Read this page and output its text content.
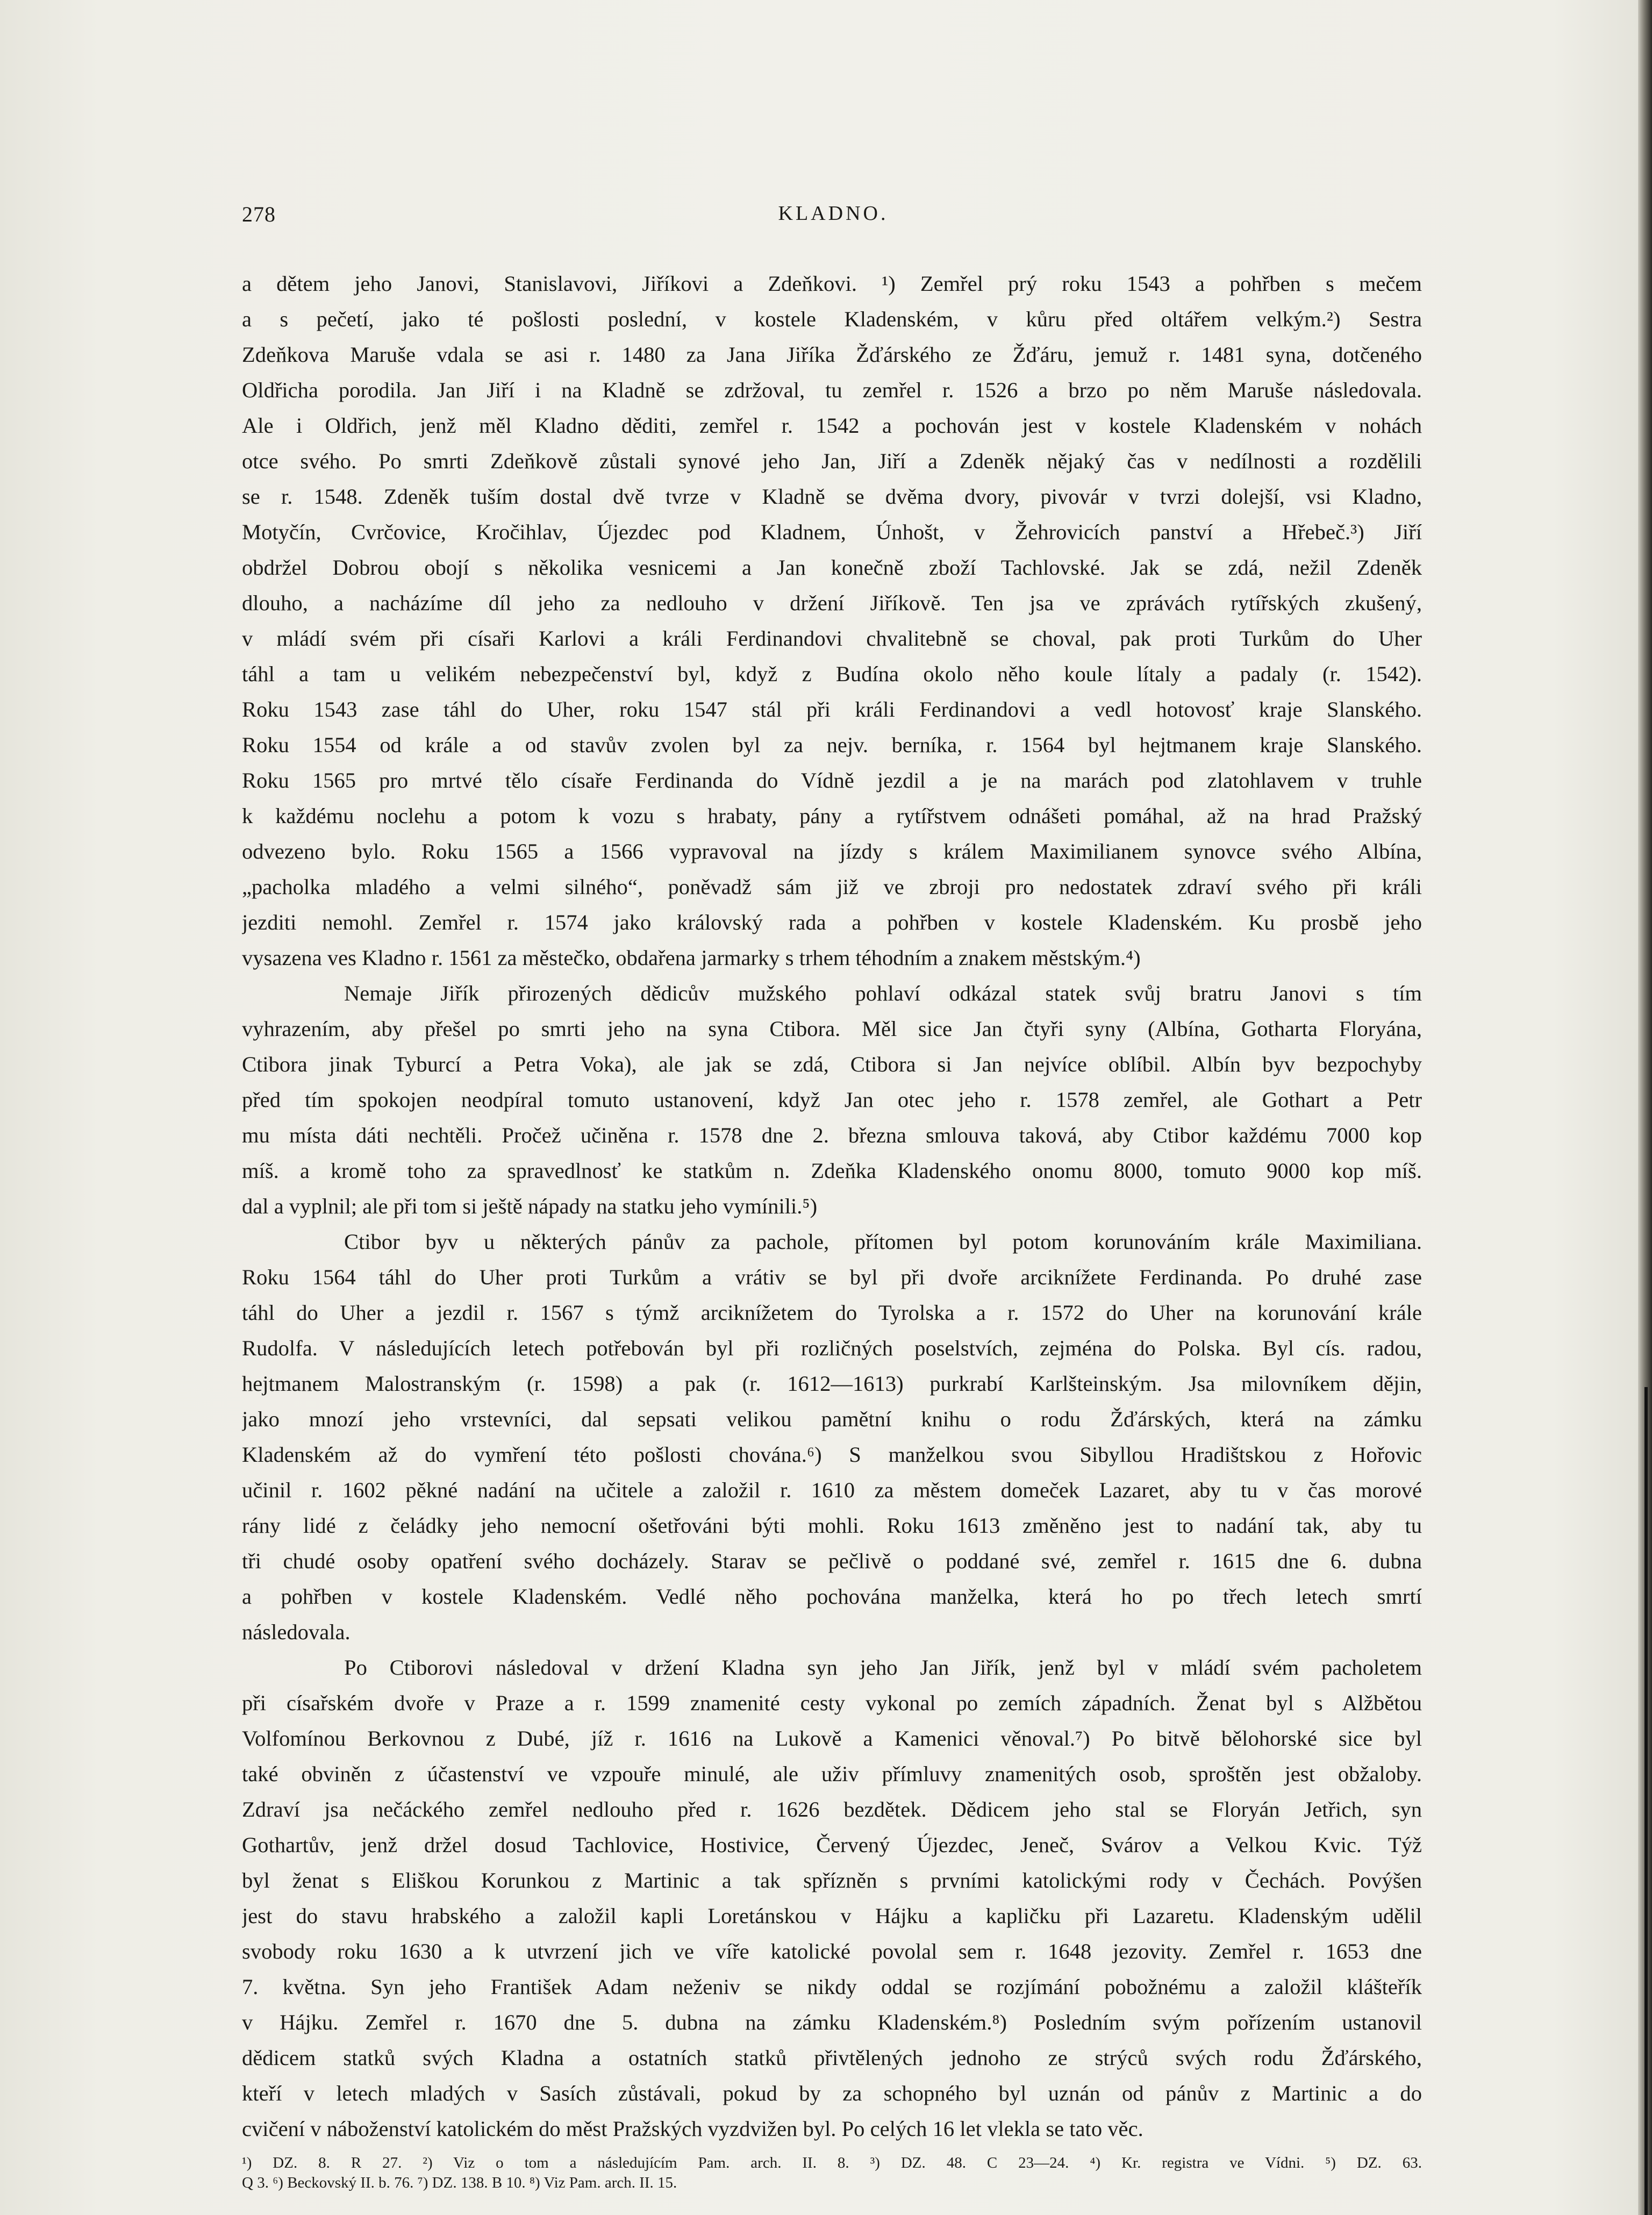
278	KLADNO.
a dětem jeho Janovi, Stanislavovi, Jiříkovi a Zdeňkovi. ¹) Zemřel prý roku 1543 a pohřben s mečem
a s pečetí, jako té pošlosti poslední, v kostele Kladenském, v kůru před oltářem velkým.²) Sestra
Zdeňkova Maruše vdala se asi r. 1480 za Jana Jiříka Žďárského ze Žďáru, jemuž r. 1481 syna, dotčeného
Oldřicha porodila. Jan Jiří i na Kladně se zdržoval, tu zemřel r. 1526 a brzo po něm Maruše následovala.
Ale i Oldřich, jenž měl Kladno děditi, zemřel r. 1542 a pochován jest v kostele Kladenském v nohách
otce svého. Po smrti Zdeňkově zůstali synové jeho Jan, Jiří a Zdeněk nějaký čas v nedílnosti a rozdělili
se r. 1548. Zdeněk tuším dostal dvě tvrze v Kladně se dvěma dvory, pivovár v tvrzi dolejší, vsi Kladno,
Motyčín, Cvrčovice, Kročihlav, Újezdec pod Kladnem, Únhošt, v Žehrovicích panství a Hřebeč.³) Jiří
obdržel Dobrou obojí s několika vesnicemi a Jan konečně zboží Tachlovské. Jak se zdá, nežil Zdeněk
dlouho, a nacházíme díl jeho za nedlouho v držení Jiříkově. Ten jsa ve zprávách rytířských zkušený,
v mládí svém při císaři Karlovi a králi Ferdinandovi chvalitebně se choval, pak proti Turkům do Uher
táhl a tam u velikém nebezpečenství byl, když z Budína okolo něho koule lítaly a padaly (r. 1542).
Roku 1543 zase táhl do Uher, roku 1547 stál při králi Ferdinandovi a vedl hotovosť kraje Slanského.
Roku 1554 od krále a od stavův zvolen byl za nejv. berníka, r. 1564 byl hejtmanem kraje Slanského.
Roku 1565 pro mrtvé tělo císaře Ferdinanda do Vídně jezdil a je na marách pod zlatohlavem v truhle
k každému noclehu a potom k vozu s hrabaty, pány a rytířstvem odnášeti pomáhal, až na hrad Pražský
odvezeno bylo. Roku 1565 a 1566 vypravoval na jízdy s králem Maximilianem synovce svého Albína,
„pacholka mladého a velmi silného“, poněvadž sám již ve zbroji pro nedostatek zdraví svého při králi
jezditi nemohl. Zemřel r. 1574 jako královský rada a pohřben v kostele Kladenském. Ku prosbě jeho
vysazena ves Kladno r. 1561 za městečko, obdařena jarmarky s trhem téhodním a znakem městským.⁴)
Nemaje Jiřík přirozených dědicův mužského pohlaví odkázal statek svůj bratru Janovi s tím
vyhrazením, aby přešel po smrti jeho na syna Ctibora. Měl sice Jan čtyři syny (Albína, Gotharta Floryána,
Ctibora jinak Tyburcí a Petra Voka), ale jak se zdá, Ctibora si Jan nejvíce oblíbil. Albín byv bezpochyby
před tím spokojen neodpíral tomuto ustanovení, když Jan otec jeho r. 1578 zemřel, ale Gothart a Petr
mu místa dáti nechtěli. Pročež učiněna r. 1578 dne 2. března smlouva taková, aby Ctibor každému 7000 kop
míš. a kromě toho za spravedlnosť ke statkům n. Zdeňka Kladenského onomu 8000, tomuto 9000 kop míš.
dal a vyplnil; ale při tom si ještě nápady na statku jeho vymínili.⁵)
Ctibor byv u některých pánův za pachole, přítomen byl potom korunováním krále Maximiliana.
Roku 1564 táhl do Uher proti Turkům a vrátiv se byl při dvoře arciknížete Ferdinanda. Po druhé zase
táhl do Uher a jezdil r. 1567 s týmž arciknížetem do Tyrolska a r. 1572 do Uher na korunování krále
Rudolfa. V následujících letech potřebován byl při rozličných poselstvích, zejména do Polska. Byl cís. radou,
hejtmanem Malostranským (r. 1598) a pak (r. 1612—1613) purkrabí Karlšteinským. Jsa milovníkem dějin,
jako mnozí jeho vrstevníci, dal sepsati velikou pamětní knihu o rodu Žďárských, která na zámku
Kladenském až do vymření této pošlosti chována.⁶) S manželkou svou Sibyllou Hradištskou z Hořovic
učinil r. 1602 pěkné nadání na učitele a založil r. 1610 za městem domeček Lazaret, aby tu v čas morové
rány lidé z čeládky jeho nemocní ošetřováni býti mohli. Roku 1613 změněno jest to nadání tak, aby tu
tři chudé osoby opatření svého docházely. Starav se pečlivě o poddané své, zemřel r. 1615 dne 6. dubna
a pohřben v kostele Kladenském. Vedlé něho pochována manželka, která ho po třech letech smrtí
následovala.
Po Ctiborovi následoval v držení Kladna syn jeho Jan Jiřík, jenž byl v mládí svém pacholetem
při císařském dvoře v Praze a r. 1599 znamenité cesty vykonal po zemích západních. Ženat byl s Alžbětou
Volfomínou Berkovnou z Dubé, jíž r. 1616 na Lukově a Kamenici věnoval.⁷) Po bitvě bělohorské sice byl
také obviněn z účastenství ve vzpouře minulé, ale uživ přímluvy znamenitých osob, sproštěn jest obžaloby.
Zdraví jsa nečáckého zemřel nedlouho před r. 1626 bezdětek. Dědicem jeho stal se Floryán Jetřich, syn
Gothartův, jenž držel dosud Tachlovice, Hostivice, Červený Újezdec, Jeneč, Svárov a Velkou Kvic. Týž
byl ženat s Eliškou Korunkou z Martinic a tak spřízněn s prvními katolickými rody v Čechách. Povýšen
jest do stavu hrabského a založil kapli Loretánskou v Hájku a kapličku při Lazaretu. Kladenským udělil
svobody roku 1630 a k utvrzení jich ve víře katolické povolal sem r. 1648 jezovity. Zemřel r. 1653 dne
7. května. Syn jeho František Adam neženiv se nikdy oddal se rozjímání pobožnému a založil klášteřík
v Hájku. Zemřel r. 1670 dne 5. dubna na zámku Kladenském.⁸) Posledním svým pořízením ustanovil
dědicem statků svých Kladna a ostatních statků přivtělených jednoho ze strýců svých rodu Žďárského,
kteří v letech mladých v Sasích zůstávali, pokud by za schopného byl uznán od pánův z Martinic a do
cvičení v náboženství katolickém do měst Pražských vyzdvižen byl. Po celých 16 let vlekla se tato věc.
¹) DZ. 8. R 27. ²) Viz o tom a následujícím Pam. arch. II. 8. ³) DZ. 48. C 23—24. ⁴) Kr. registra ve Vídni. ⁵) DZ. 63.
Q 3. ⁶) Beckovský II. b. 76. ⁷) DZ. 138. B 10. ⁸) Viz Pam. arch. II. 15.
